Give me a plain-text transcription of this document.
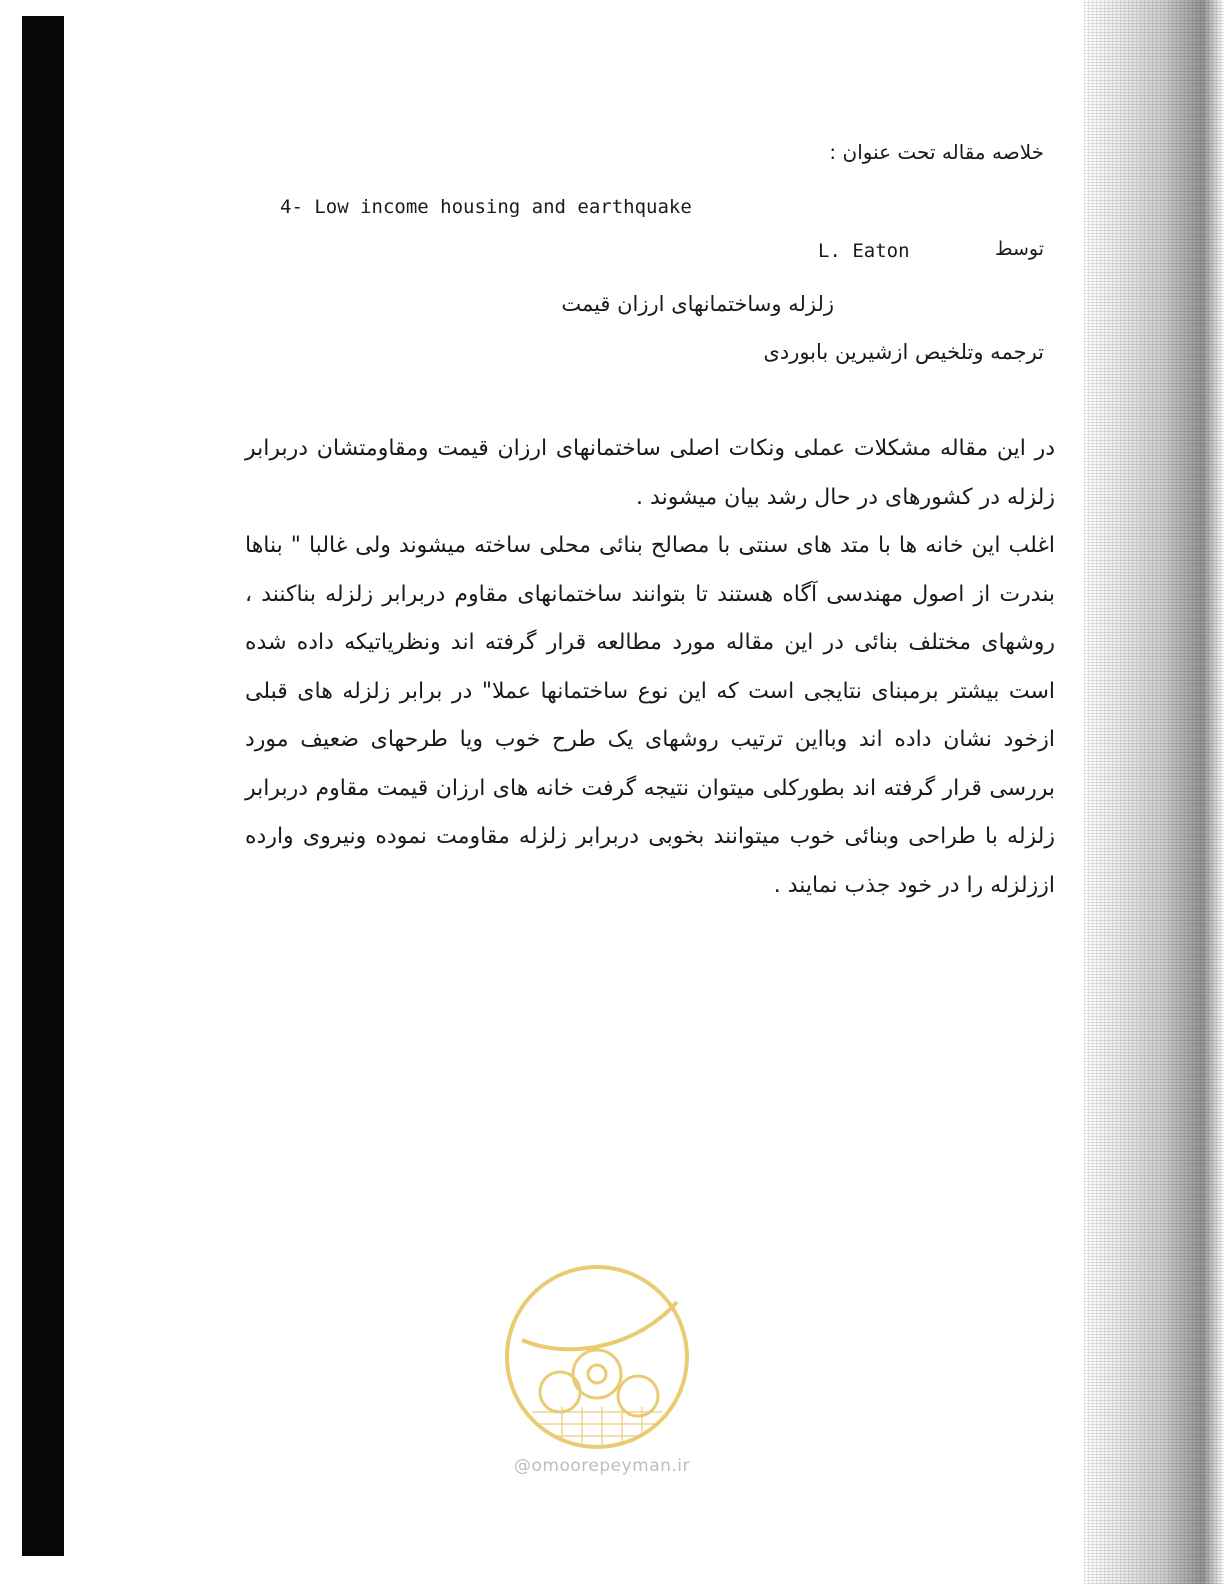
خلاصه مقاله تحت عنوان :
4- Low income housing and earthquake
L. Eaton	توسط
زلزله وساختمانهای ارزان قیمت
ترجمه وتلخیص ازشیرین بابوردی

در این مقاله مشکلات عملی ونکات اصلی ساختمانهای ارزان قیمت ومقاومتشان دربرابر زلزله در کشورهای در حال رشد بیان میشوند .

اغلب این خانه ها با متد های سنتی با مصالح بنائی محلی ساخته میشوند ولی غالبا " بناها بندرت از اصول مهندسی آگاه هستند تا بتوانند ساختمانهای مقاوم دربرابر زلزله بناکنند ، روشهای مختلف بنائی در این مقاله مورد مطالعه قرار گرفته اند ونظریاتیکه داده شده است بیشتر برمبنای نتایجی است که این نوع ساختمانها عملا" در برابر زلزله های قبلی ازخود نشان داده اند وبااین ترتیب روشهای یک طرح خوب ویا طرحهای ضعیف مورد بررسی قرار گرفته اند بطورکلی میتوان نتیجه گرفت خانه های ارزان قیمت مقاوم دربرابر زلزله با طراحی وبنائی خوب میتوانند بخوبی دربرابر زلزله مقاومت نموده ونیروی وارده اززلزله را در خود جذب نمایند .

@omoorepeyman.ir
